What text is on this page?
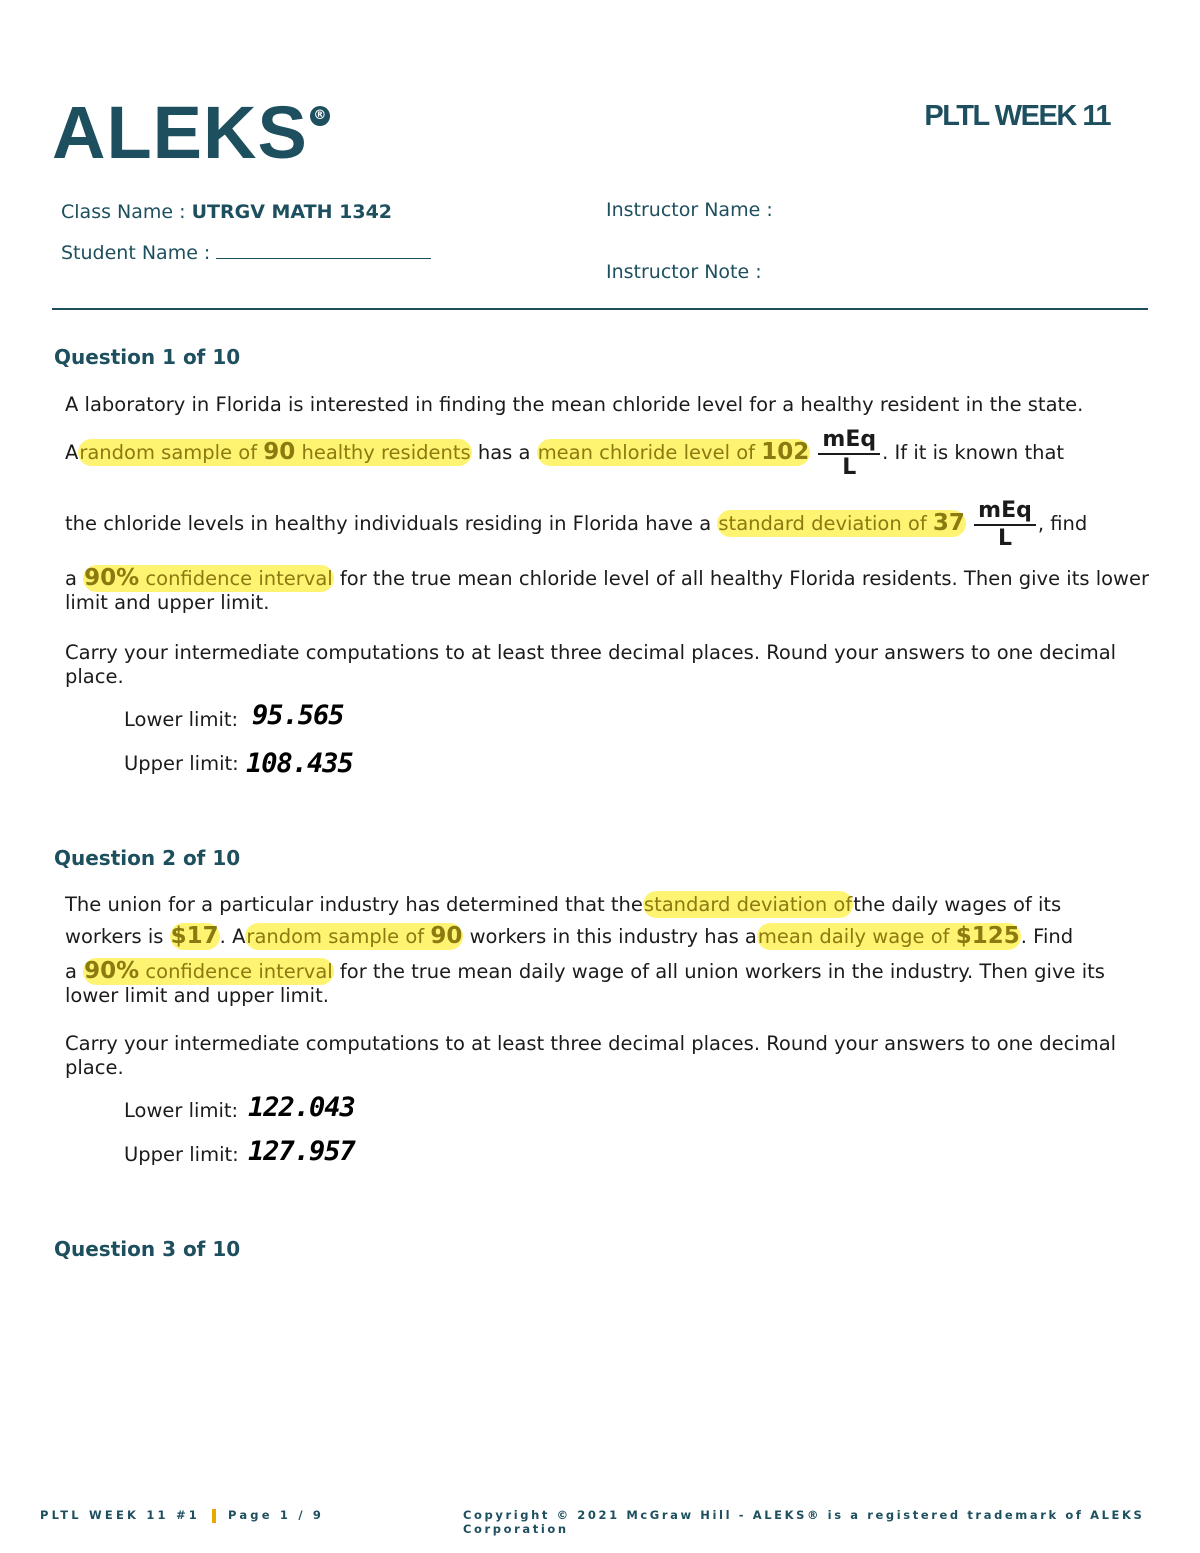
ALEKS ®	PLTL WEEK 11
Class Name : UTRGV MATH 1342
Student Name :
Instructor Name :
Instructor Note :
Question 1 of 10
A laboratory in Florida is interested in finding the mean chloride level for a healthy resident in the state.
Arandom sample of 90 healthy residents has a mean chloride level of $102 \frac{\text{mEq}}{L}$ . If it is known that
the chloride levels in healthy individuals residing in Florida have a standard deviation of $37 \frac{\text{mEq}}{L}$ , find
a 90% confidence interval for the true mean chloride level of all healthy Florida residents. Then give its lower limit and upper limit.
Carry your intermediate computations to at least three decimal places. Round your answers to one decimal place.
Lower limit: 95.565
Upper limit: 108.435
Question 2 of 10
The union for a particular industry has determined that thestandard deviation ofthe daily wages of its
workers is $17. Arandom sample of 90 workers in this industry has amean daily wage of $125. Find
a 90% confidence interval for the true mean daily wage of all union workers in the industry. Then give its lower limit and upper limit.
Carry your intermediate computations to at least three decimal places. Round your answers to one decimal place.
Lower limit: 122.043
Upper limit: 127.957
Question 3 of 10
PLTL WEEK 11 #1 Page 1 / 9	Copyright © 2021 McGraw Hill - ALEKS® is a registered trademark of ALEKS Corporation
